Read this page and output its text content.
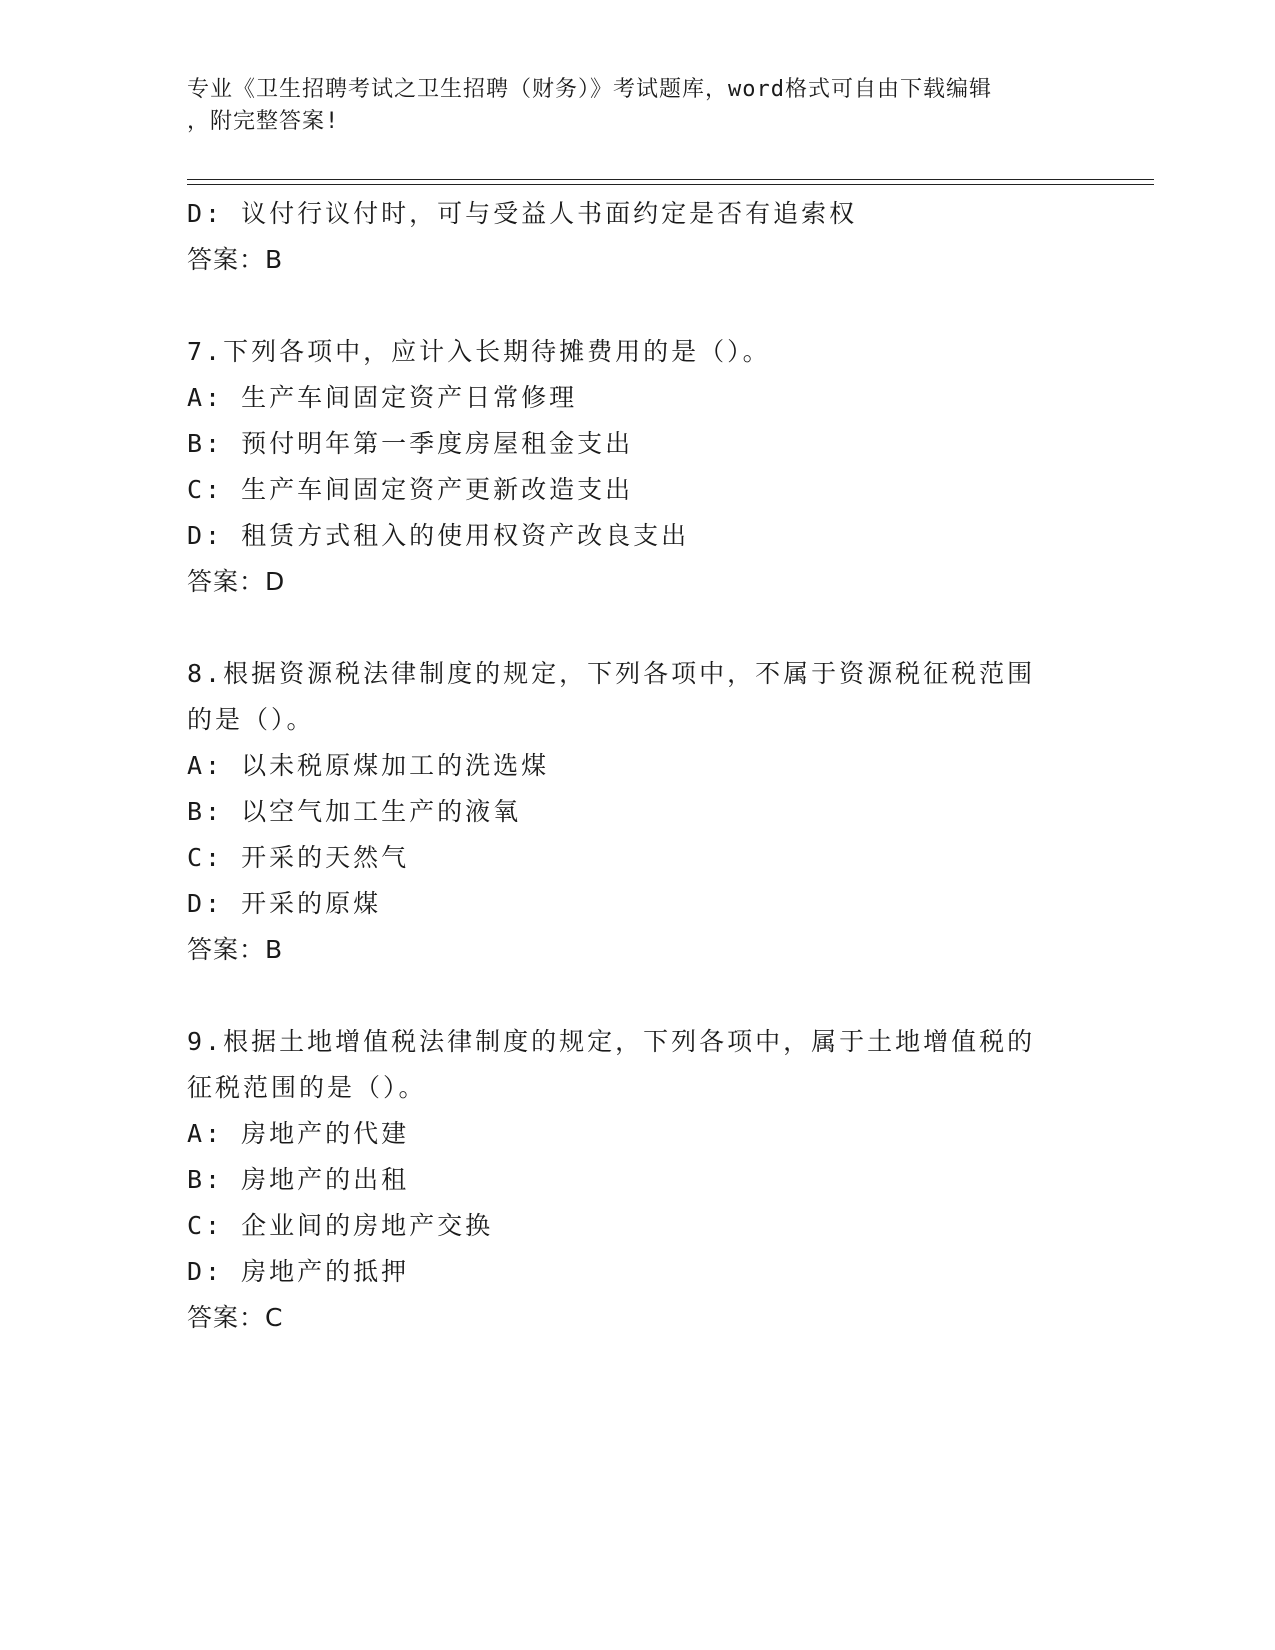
专业《卫生招聘考试之卫生招聘（财务）》考试题库，word格式可自由下载编辑
，附完整答案!
D: 议付行议付时，可与受益人书面约定是否有追索权
答案：B
7.下列各项中，应计入长期待摊费用的是（）。
A: 生产车间固定资产日常修理
B: 预付明年第一季度房屋租金支出
C: 生产车间固定资产更新改造支出
D: 租赁方式租入的使用权资产改良支出
答案：D
8.根据资源税法律制度的规定，下列各项中，不属于资源税征税范围
的是（）。
A: 以未税原煤加工的洗选煤
B: 以空气加工生产的液氧
C: 开采的天然气
D: 开采的原煤
答案：B
9.根据土地增值税法律制度的规定，下列各项中，属于土地增值税的
征税范围的是（）。
A: 房地产的代建
B: 房地产的出租
C: 企业间的房地产交换
D: 房地产的抵押
答案：C
